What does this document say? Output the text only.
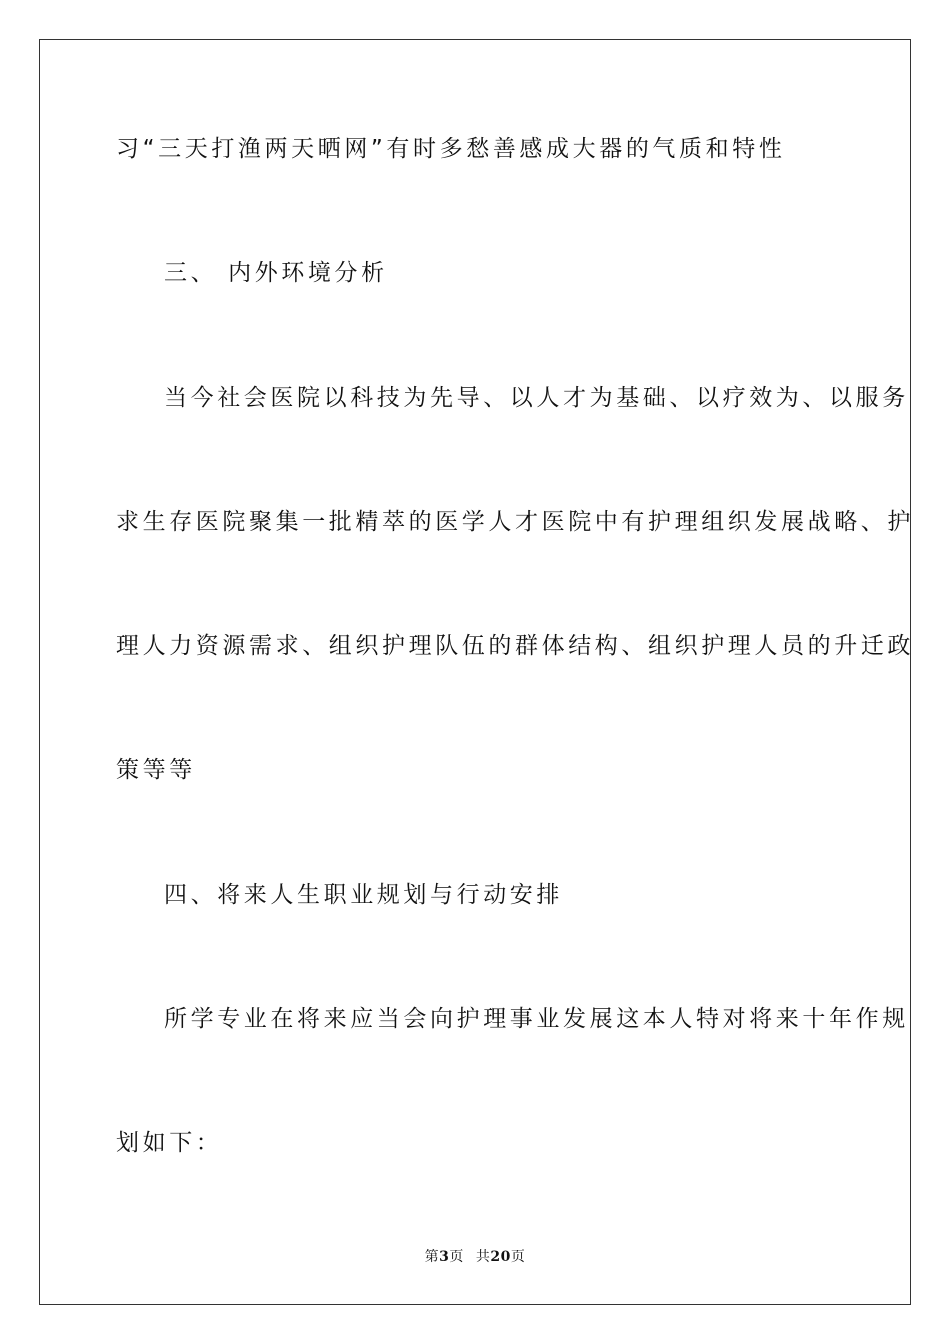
习“三天打渔两天晒网”有时多愁善感成大器的气质和特性
三、 内外环境分析
当今社会医院以科技为先导、以人才为基础、以疗效为、以服务
求生存医院聚集一批精萃的医学人才医院中有护理组织发展战略、护
理人力资源需求、组织护理队伍的群体结构、组织护理人员的升迁政
策等等
四、将来人生职业规划与行动安排
所学专业在将来应当会向护理事业发展这本人特对将来十年作规
划如下：
第3页 共20页
